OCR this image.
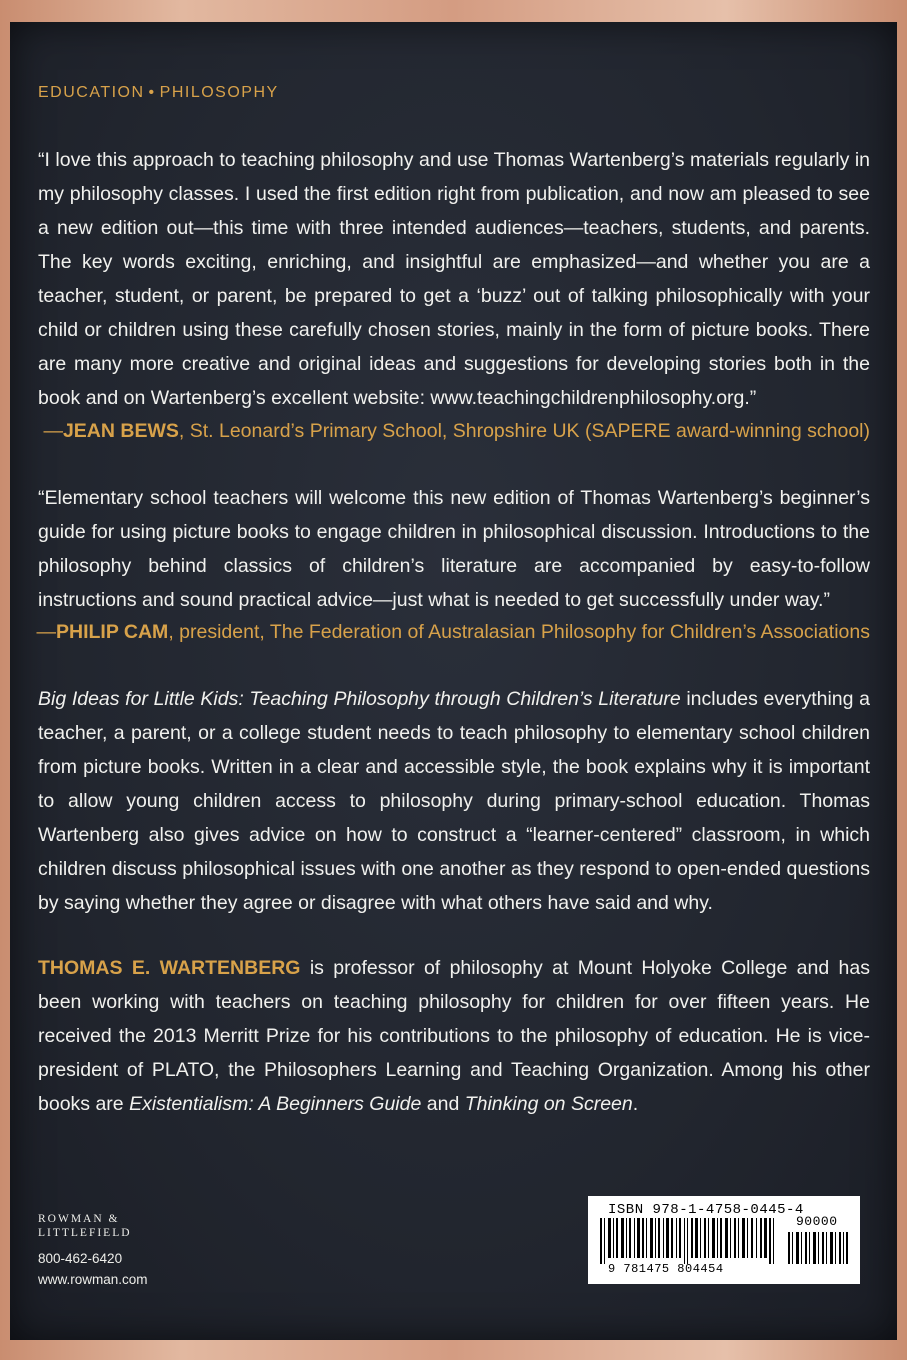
EDUCATION • PHILOSOPHY
“I love this approach to teaching philosophy and use Thomas Wartenberg’s materials regularly in my philosophy classes. I used the first edition right from publication, and now am pleased to see a new edition out—this time with three intended audiences—teachers, students, and parents. The key words exciting, enriching, and insightful are emphasized—and whether you are a teacher, student, or parent, be prepared to get a ‘buzz’ out of talking philosophically with your child or children using these carefully chosen stories, mainly in the form of picture books. There are many more creative and original ideas and suggestions for developing stories both in the book and on Wartenberg’s excellent website: www.teachingchildrenphilosophy.org.”
—JEAN BEWS, St. Leonard’s Primary School, Shropshire UK (SAPERE award-winning school)
“Elementary school teachers will welcome this new edition of Thomas Wartenberg’s beginner’s guide for using picture books to engage children in philosophical discussion. Introductions to the philosophy behind classics of children’s literature are accompanied by easy-to-follow instructions and sound practical advice—just what is needed to get successfully under way.”
—PHILIP CAM, president, The Federation of Australasian Philosophy for Children’s Associations
Big Ideas for Little Kids: Teaching Philosophy through Children’s Literature includes everything a teacher, a parent, or a college student needs to teach philosophy to elementary school children from picture books. Written in a clear and accessible style, the book explains why it is important to allow young children access to philosophy during primary-school education. Thomas Wartenberg also gives advice on how to construct a “learner-centered” classroom, in which children discuss philosophical issues with one another as they respond to open-ended questions by saying whether they agree or disagree with what others have said and why.
THOMAS E. WARTENBERG is professor of philosophy at Mount Holyoke College and has been working with teachers on teaching philosophy for children for over fifteen years. He received the 2013 Merritt Prize for his contributions to the philosophy of education. He is vice-president of PLATO, the Philosophers Learning and Teaching Organization. Among his other books are Existentialism: A Beginners Guide and Thinking on Screen.
ROWMAN &
LITTLEFIELD
800-462-6420
www.rowman.com
ISBN 978-1-4758-0445-4
90000
9 781475 804454
